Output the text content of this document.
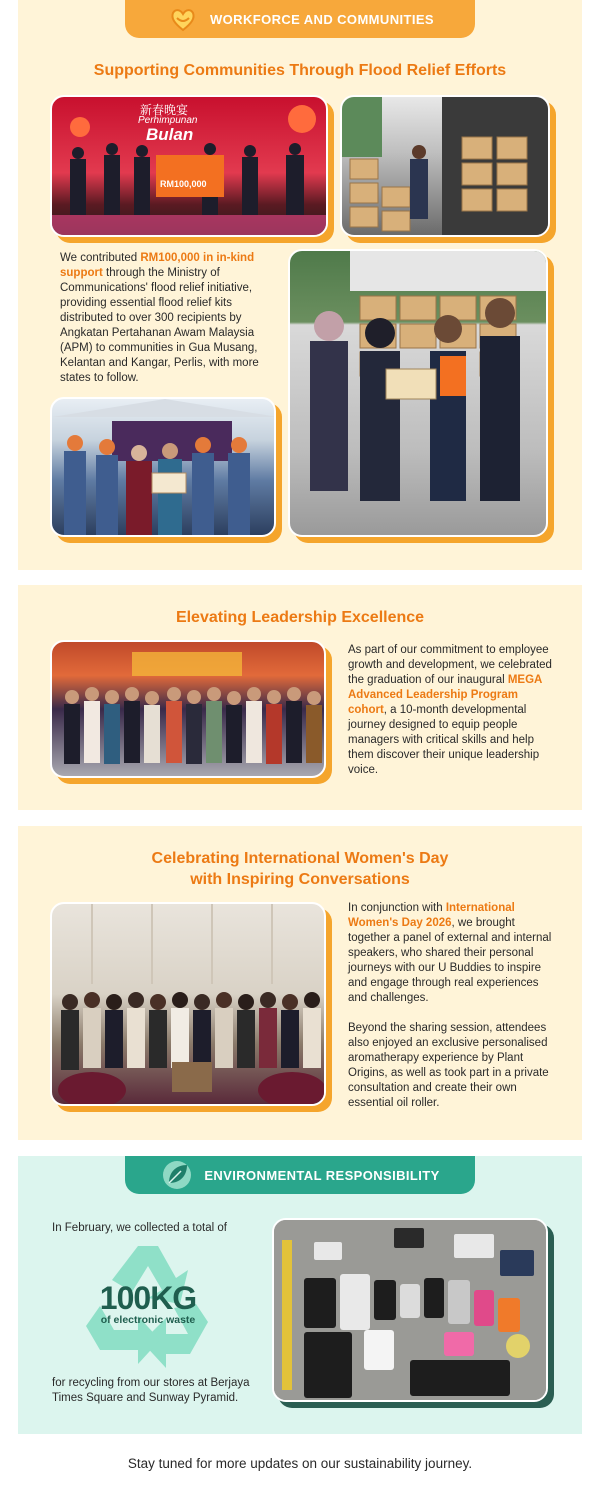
WORKFORCE AND COMMUNITIES
Supporting Communities Through Flood Relief Efforts
新春晚宴
Perhimpunan
Bulan
RM100,000
We contributed RM100,000 in in-kind support through the Ministry of Communications' flood relief initiative, providing essential flood relief kits distributed to over 300 recipients by Angkatan Pertahanan Awam Malaysia (APM) to communities in Gua Musang, Kelantan and Kangar, Perlis, with more states to follow.
Elevating Leadership Excellence
As part of our commitment to employee growth and development, we celebrated the graduation of our inaugural MEGA Advanced Leadership Program cohort, a 10-month developmental journey designed to equip people managers with critical skills and help them discover their unique leadership voice.
Celebrating International Women's Day
with Inspiring Conversations

In conjunction with International Women's Day 2026, we brought together a panel of external and internal speakers, who shared their personal journeys with our U Buddies to inspire and engage through real experiences and challenges.

Beyond the sharing session, attendees also enjoyed an exclusive personalised aromatherapy experience by Plant Origins, as well as took part in a private consultation and create their own essential oil roller.

ENVIRONMENTAL RESPONSIBILITY
In February, we collected a total of
100KG
of electronic waste
for recycling from our stores at Berjaya Times Square and Sunway Pyramid.
Stay tuned for more updates on our sustainability journey.
